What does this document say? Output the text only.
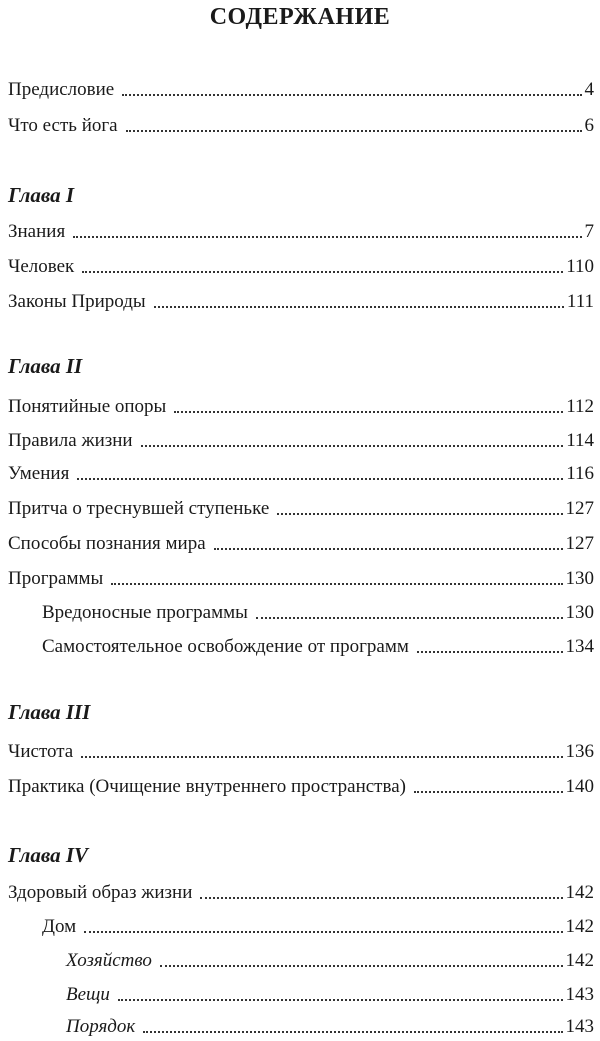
СОДЕРЖАНИЕ
Предисловие	4
Что есть йога	6
Глава I
Знания	7
Человек	110
Законы Природы	111
Глава II
Понятийные опоры	112
Правила жизни	114
Умения	116
Притча о треснувшей ступеньке	127
Способы познания мира	127
Программы	130
Вредоносные программы	130
Самостоятельное освобождение от программ	134
Глава III
Чистота	136
Практика (Очищение внутреннего пространства)	140
Глава IV
Здоровый образ жизни	142
Дом	142
Хозяйство	142
Вещи	143
Порядок	143
